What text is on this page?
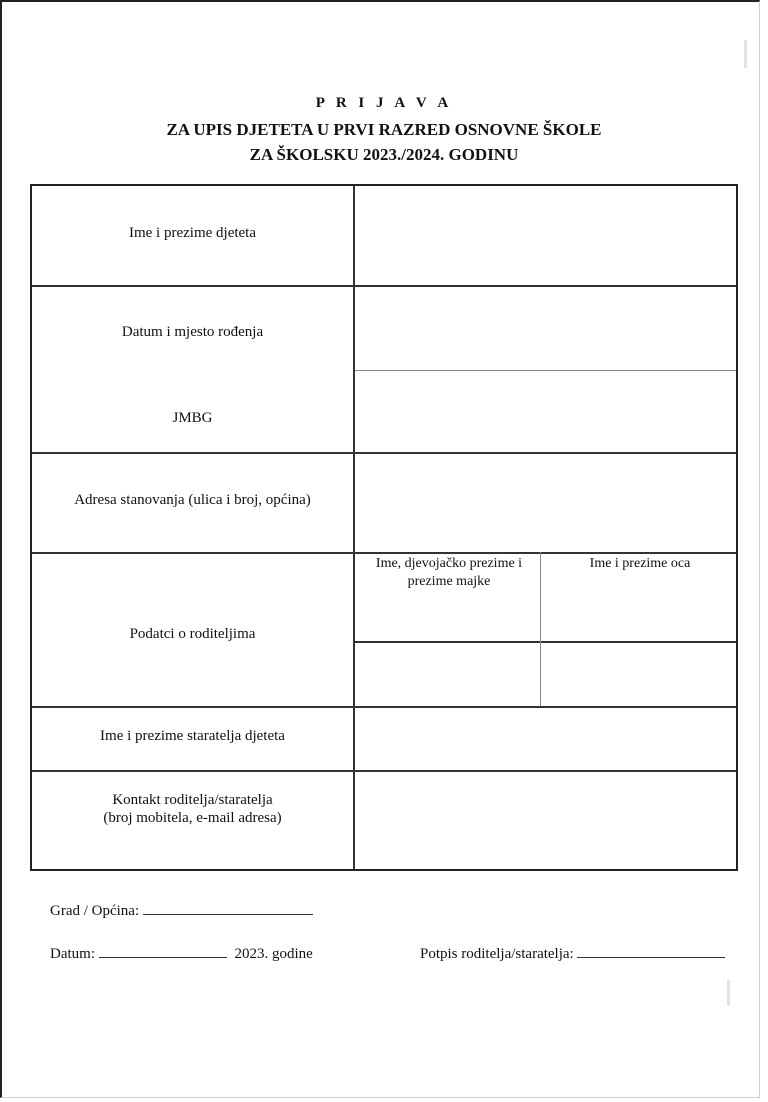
P R I J A V A
ZA UPIS DJETETA U PRVI RAZRED OSNOVNE ŠKOLE
ZA ŠKOLSKU 2023./2024. GODINU
Ime i prezime djeteta
Datum i mjesto rođenja
JMBG
Adresa stanovanja (ulica i broj, općina)
Podatci o roditeljima
Ime i prezime staratelja djeteta
Kontakt roditelja/staratelja
(broj mobitela, e-mail adresa)
Ime, djevojačko prezime i prezime majke
Ime i prezime oca
Grad / Općina:
Datum:	2023. godine	Potpis roditelja/staratelja:
